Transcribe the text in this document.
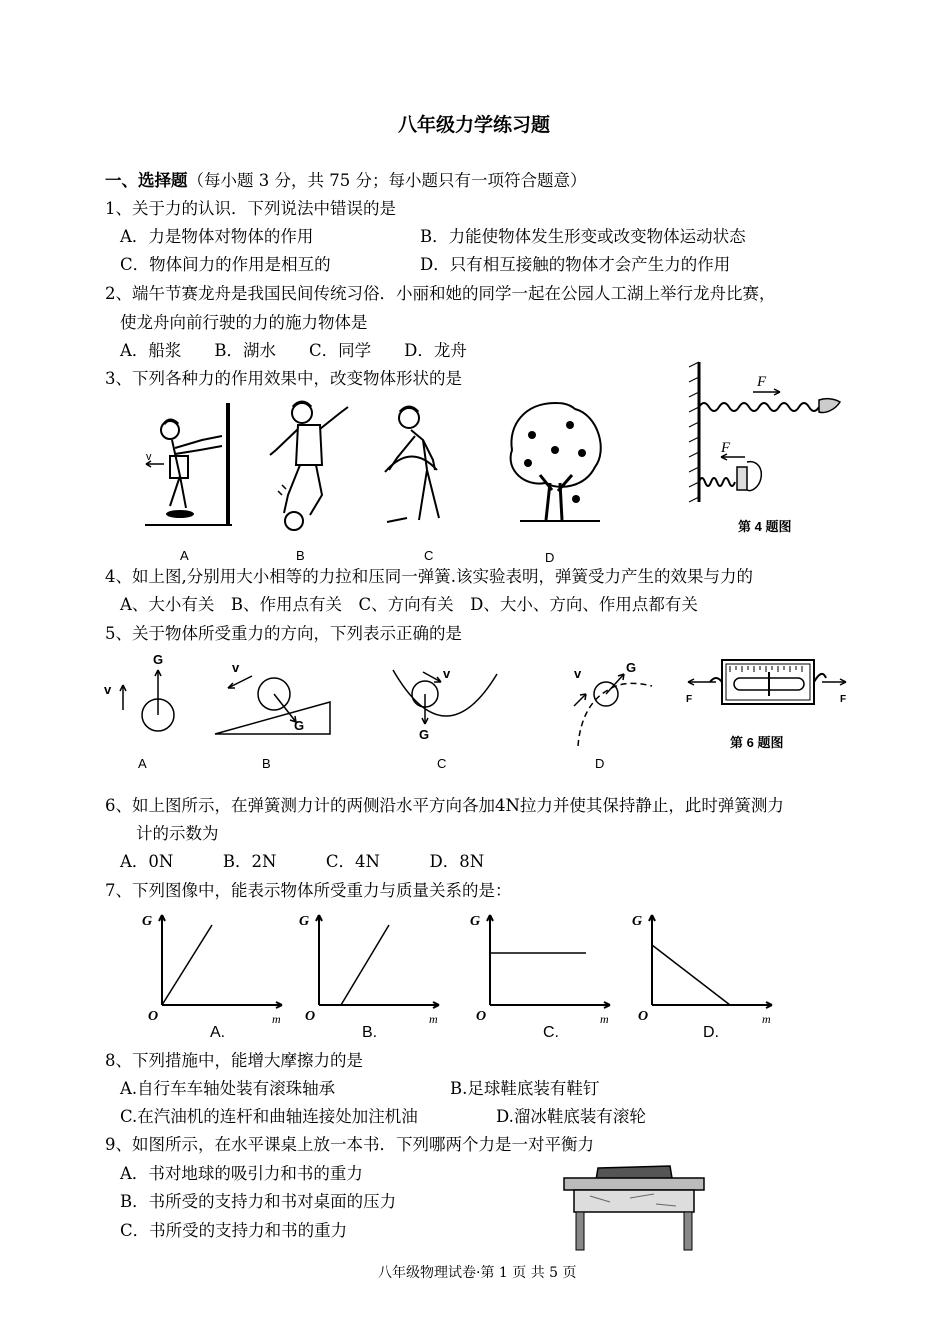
八年级力学练习题
一、选择题（每小题 3 分，共 75 分；每小题只有一项符合题意）
1、关于力的认识．下列说法中错误的是
A．力是物体对物体的作用	B．力能使物体发生形变或改变物体运动状态
C．物体间力的作用是相互的	D．只有相互接触的物体才会产生力的作用
2、端午节赛龙舟是我国民间传统习俗．小丽和她的同学一起在公园人工湖上举行龙舟比赛，
使龙舟向前行驶的力的施力物体是
A．船浆　　B．湖水　　C．同学　　D．龙舟
3、下列各种力的作用效果中，改变物体形状的是
v
A	B	C	D
F
F
第 4 题图
4、如上图,分别用大小相等的力拉和压同一弹簧.该实验表明，弹簧受力产生的效果与力的
A、大小有关　B、作用点有关　C、方向有关　D、大小、方向、作用点都有关
5、关于物体所受重力的方向，下列表示正确的是
v
G
A
G
v
B
G
v
C
G
v
D
F	F
第 6 题图
6、如上图所示，在弹簧测力计的两侧沿水平方向各加4N拉力并使其保持静止，此时弹簧测力
计的示数为
A．0N　　　B．2N　　　C．4N　　　D．8N
7、下列图像中，能表示物体所受重力与质量关系的是：
G
O	m
A.
G
O	m
B.
G
O	m
C.
G
O	m
D.
8、下列措施中，能增大摩擦力的是
A.自行车车轴处装有滚珠轴承	B.足球鞋底装有鞋钉
C.在汽油机的连杆和曲轴连接处加注机油	D.溜冰鞋底装有滚轮
9、如图所示，在水平课桌上放一本书．下列哪两个力是一对平衡力
A．书对地球的吸引力和书的重力
B．书所受的支持力和书对桌面的压力
C．书所受的支持力和书的重力
八年级物理试卷·第 1 页 共 5 页
